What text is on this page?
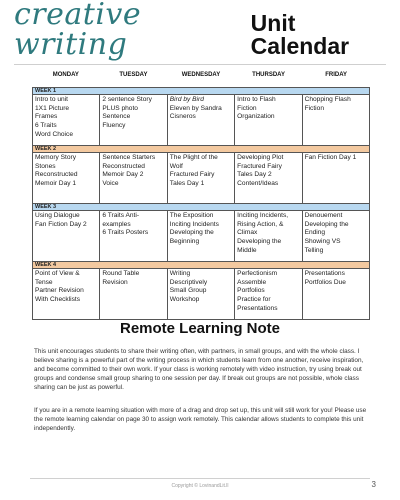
creative writing
Unit Calendar
MONDAY	TUESDAY	WEDNESDAY	THURSDAY	FRIDAY
WEEK 1				

Intro to unit
1X1 Picture
Frames
6 Traits
Word Choice	2 sentence Story
PLUS photo
Sentence
Fluency	Bird by Bird
Eleven by Sandra
Cisneros	Intro to Flash
Fiction
Organization	Chopping Flash
Fiction

WEEK 2				

Memory Story
Stones
Reconstructed
Memoir Day 1	Sentence Starters
Reconstructed
Memoir Day 2
Voice	The Plight of the
Wolf
Fractured Fairy
Tales Day 1	Developing Plot
Fractured Fairy
Tales Day 2
Content/Ideas	Fan Fiction Day 1

WEEK 3				

Using Dialogue
Fan Fiction Day 2	6 Traits Anti-
examples
6 Traits Posters	The Exposition
Inciting Incidents
Developing the
Beginning	Inciting Incidents,
Rising Action, &
Climax
Developing the
Middle	Denouement
Developing the
Ending
Showing VS
Telling

WEEK 4				

Point of View &
Tense
Partner Revision
With Checklists	Round Table
Revision	Writing
Descriptively
Small Group
Workshop	Perfectionism
Assemble
Portfolios
Practice for
Presentations	Presentations
Portfolios Due
Remote Learning Note

This unit encourages students to share their writing often, with partners, in small groups, and with the whole class. I believe sharing is a powerful part of the writing process in which students learn from one another, receive inspiration, and become committed to their own work. If your class is working remotely with video instruction, try using break out groups and condense small group sharing to one session per day. If break out groups are not possible, whole class sharing can be just as powerful.

If you are in a remote learning situation with more of a drag and drop set up, this unit will still work for you! Please use the remote learning calendar on page 30 to assign work remotely. This calendar allows students to complete this unit independently.

Copyright © LovinandLit.ll	3
